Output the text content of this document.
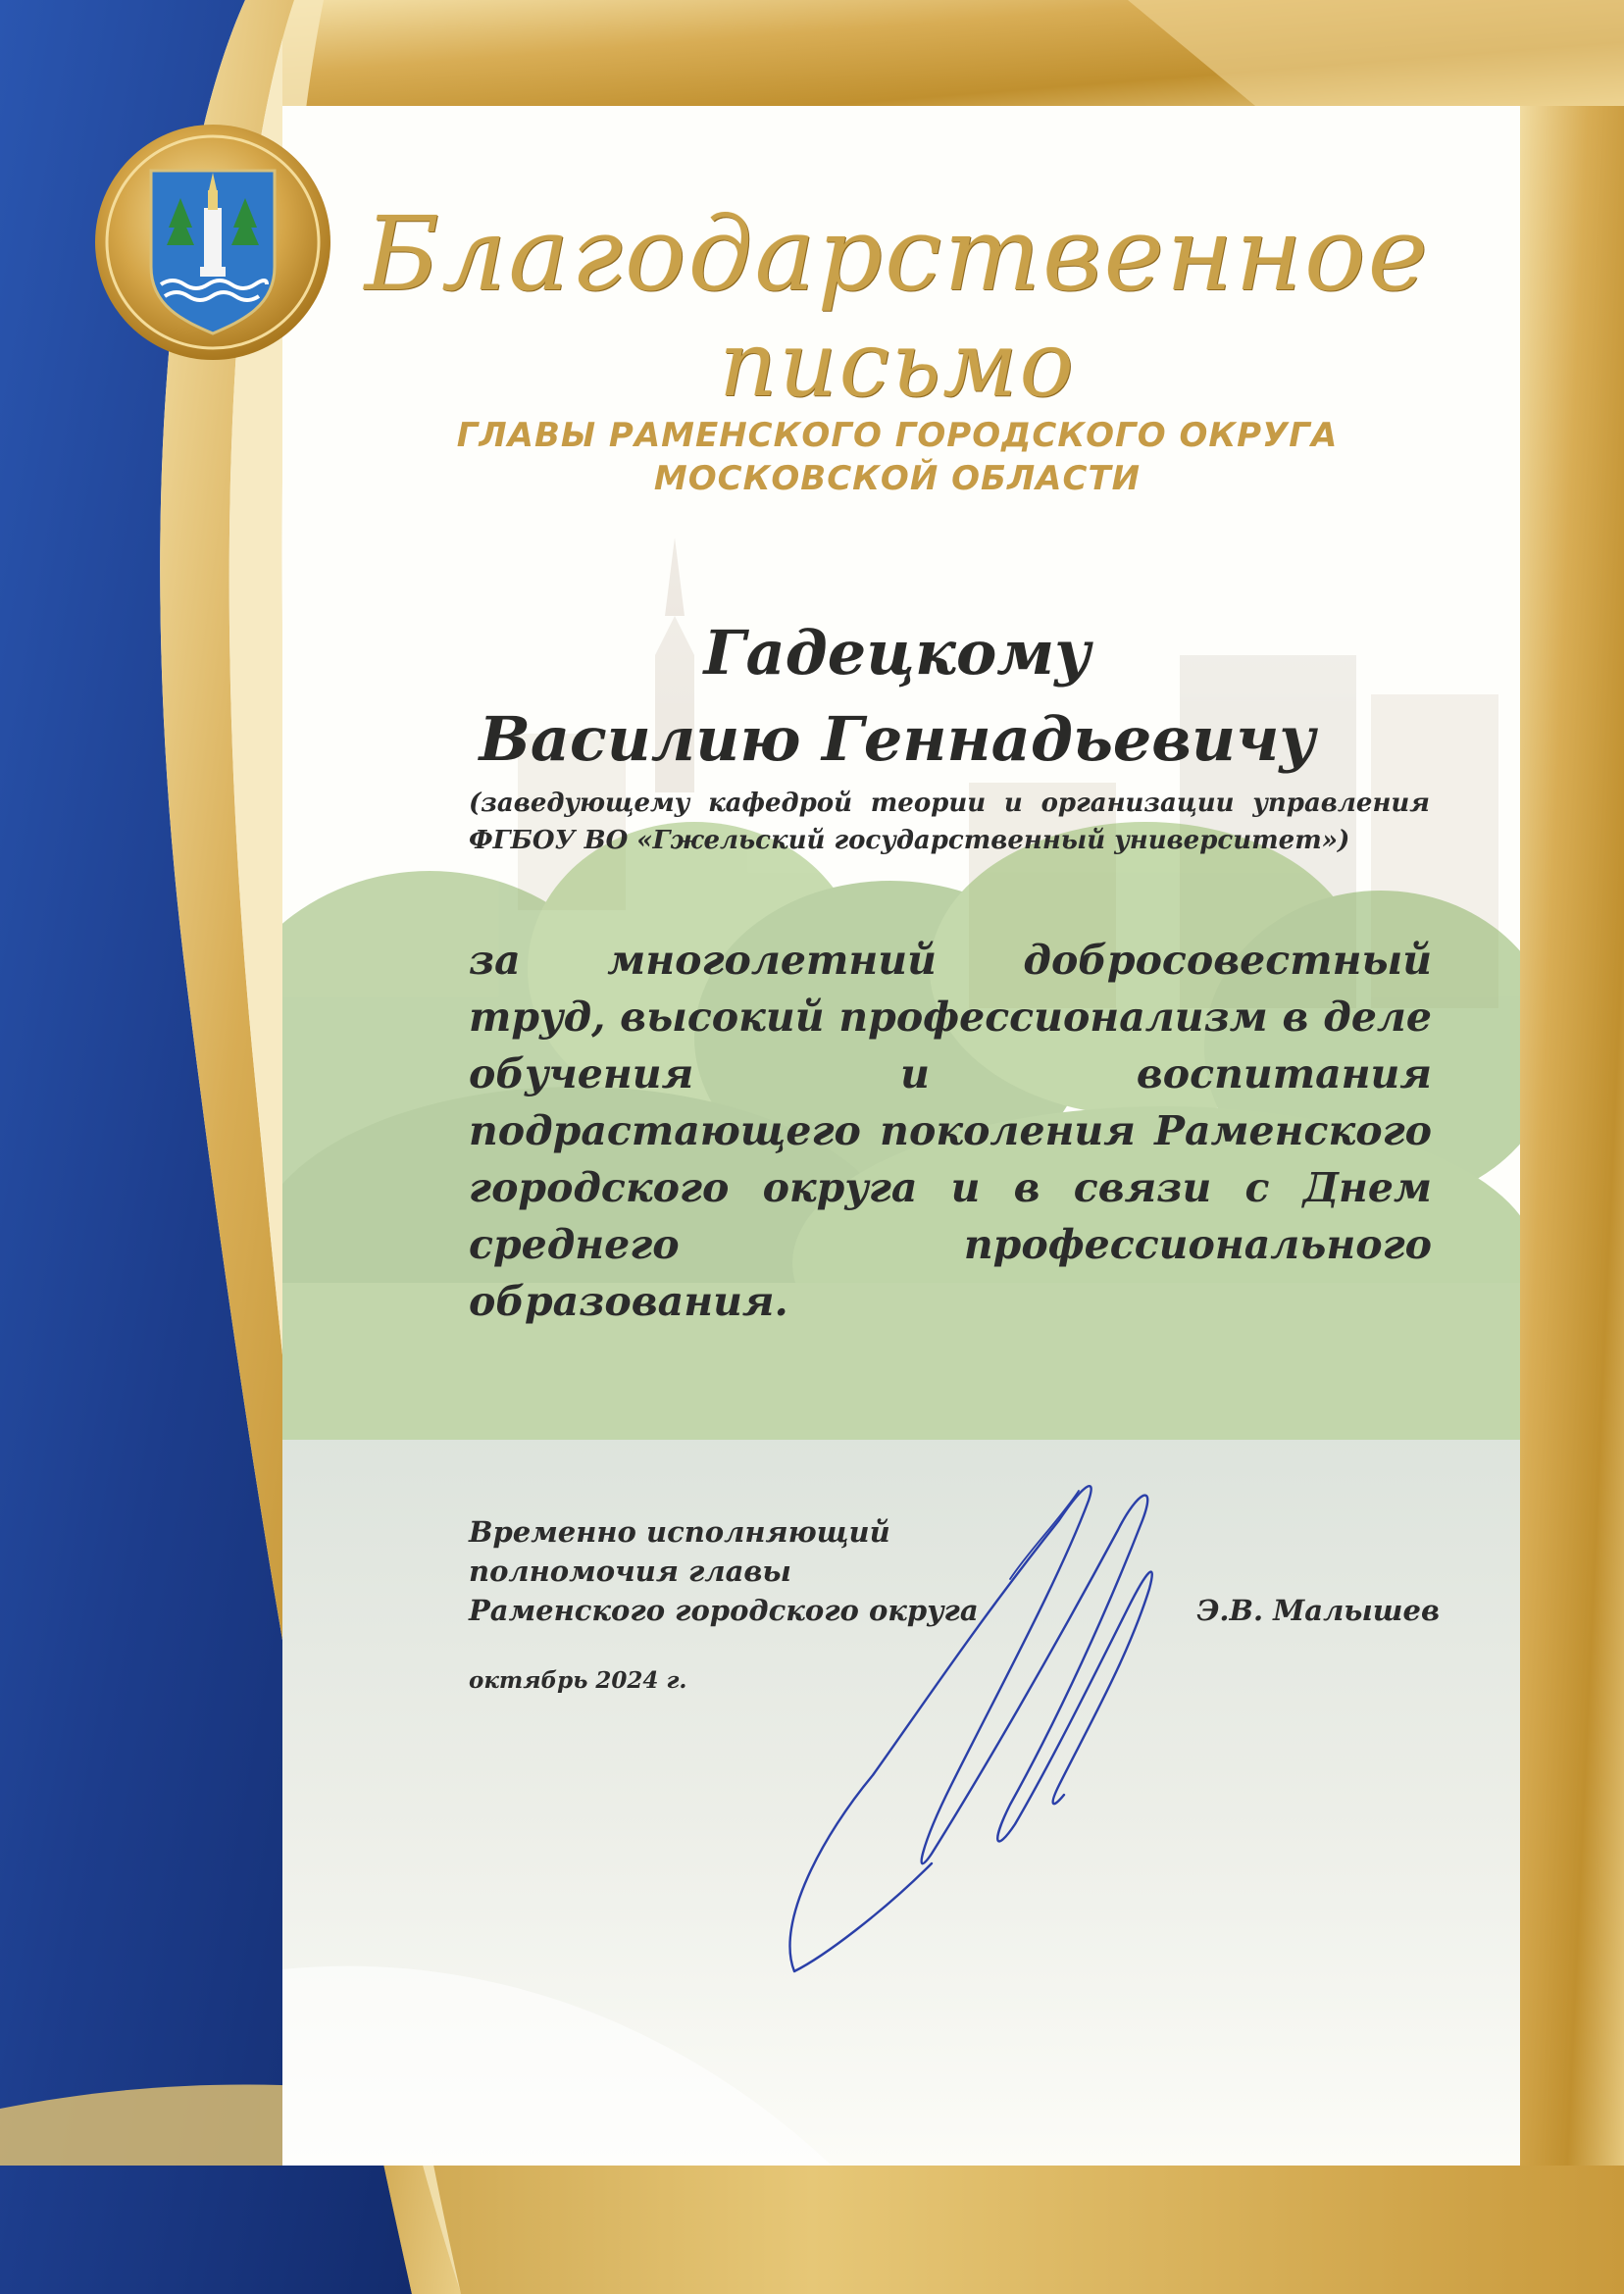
Благодарственное
письмо
ГЛАВЫ РАМЕНСКОГО ГОРОДСКОГО ОКРУГА
МОСКОВСКОЙ ОБЛАСТИ
Гадецкому
Василию Геннадьевичу
(заведующему кафедрой теории и организации управления ФГБОУ ВО «Гжельский государственный университет»)
за многолетний добросовестный труд, высокий профессионализм в деле обучения и воспитания подрастающего поколения Раменского городского округа и в связи с Днем среднего профессионального образования.
Временно исполняющий
полномочия главы
Раменского городского округа	Э.В. Малышев
октябрь 2024 г.
